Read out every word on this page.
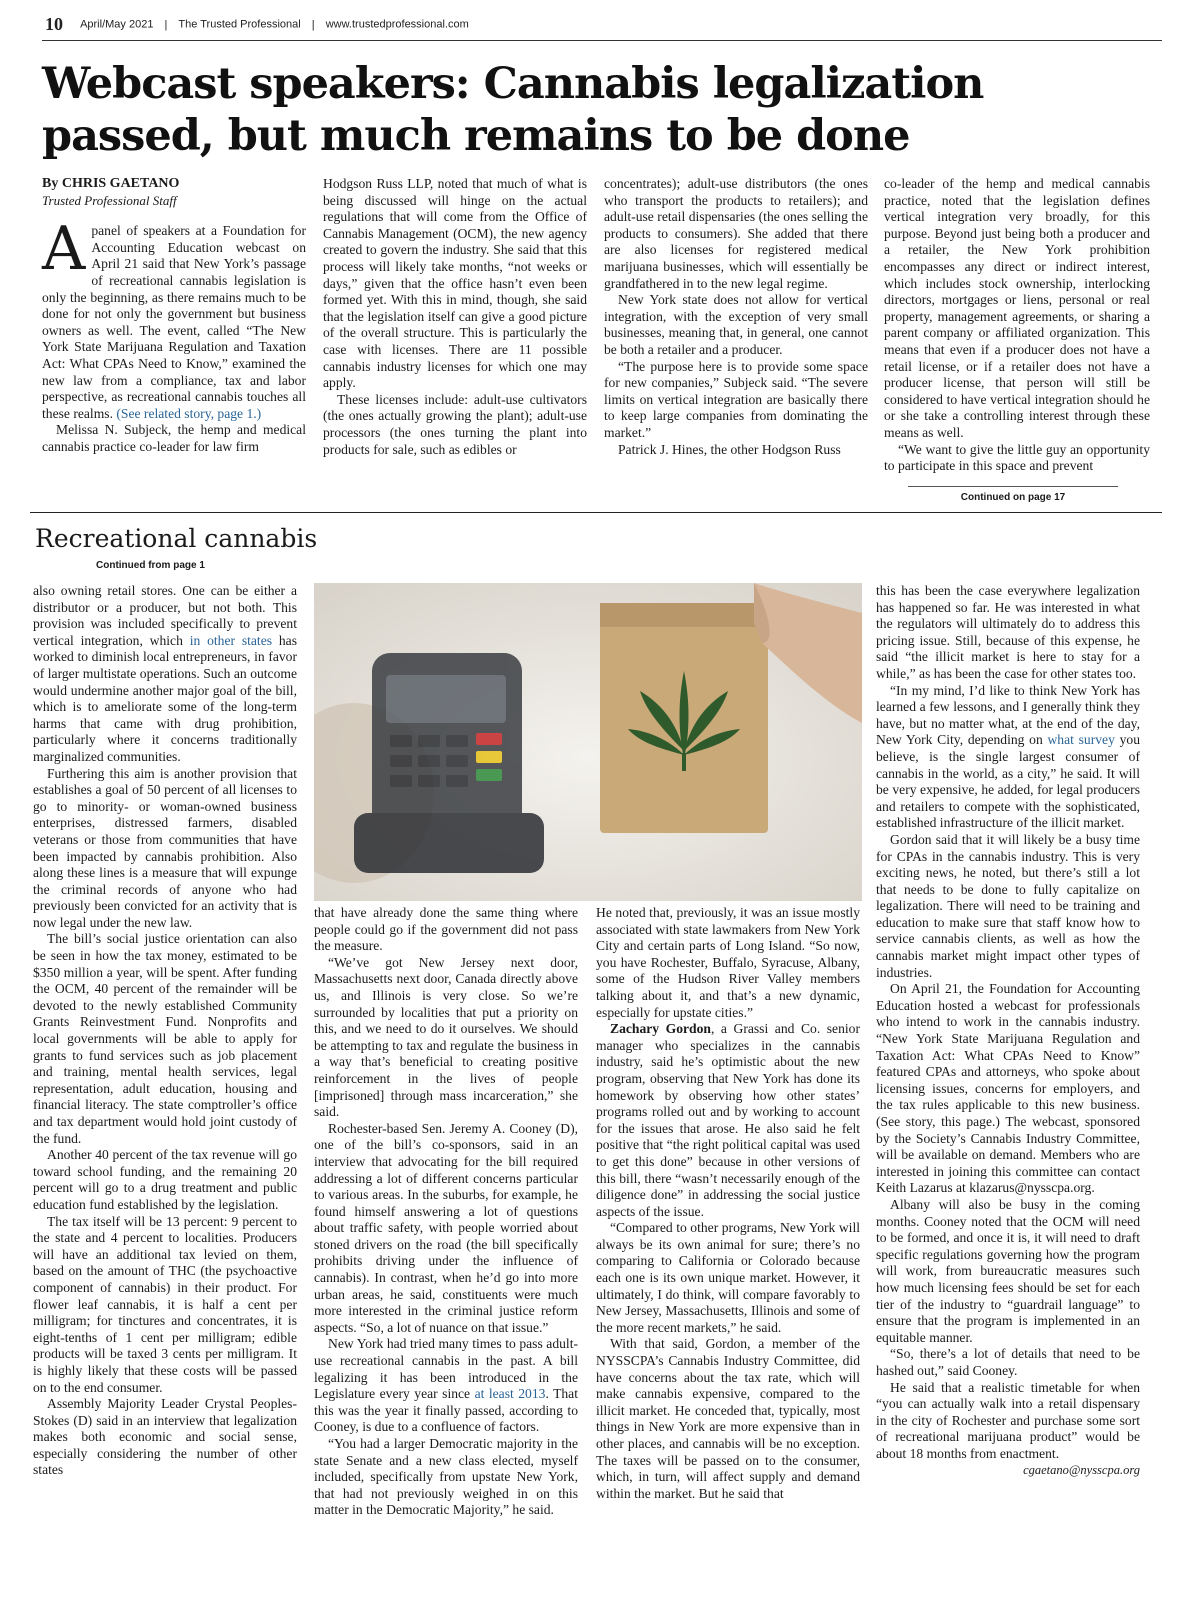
10 April/May 2021 | The Trusted Professional | www.trustedprofessional.com
Webcast speakers: Cannabis legalization passed, but much remains to be done
By CHRIS GAETANO
Trusted Professional Staff

Apanel of speakers at a Foundation for Accounting Education webcast on April 21 said that New York’s passage of recreational cannabis legislation is only the beginning, as there remains much to be done for not only the government but business owners as well. The event, called “The New York State Marijuana Regulation and Taxation Act: What CPAs Need to Know,” examined the new law from a compliance, tax and labor perspective, as recreational cannabis touches all these realms. (See related story, page 1.)

Melissa N. Subjeck, the hemp and medical cannabis practice co-leader for law firm

Hodgson Russ LLP, noted that much of what is being discussed will hinge on the actual regulations that will come from the Office of Cannabis Management (OCM), the new agency created to govern the industry. She said that this process will likely take months, “not weeks or days,” given that the office hasn’t even been formed yet. With this in mind, though, she said that the legislation itself can give a good picture of the overall structure. This is particularly the case with licenses. There are 11 possible cannabis industry licenses for which one may apply.

These licenses include: adult-use cultivators (the ones actually growing the plant); adult-use processors (the ones turning the plant into products for sale, such as edibles or

concentrates); adult-use distributors (the ones who transport the products to retailers); and adult-use retail dispensaries (the ones selling the products to consumers). She added that there are also licenses for registered medical marijuana businesses, which will essentially be grandfathered in to the new legal regime.

New York state does not allow for vertical integration, with the exception of very small businesses, meaning that, in general, one cannot be both a retailer and a producer.

“The purpose here is to provide some space for new companies,” Subjeck said. “The severe limits on vertical integration are basically there to keep large companies from dominating the market.”

Patrick J. Hines, the other Hodgson Russ

co-leader of the hemp and medical cannabis practice, noted that the legislation defines vertical integration very broadly, for this purpose. Beyond just being both a producer and a retailer, the New York prohibition encompasses any direct or indirect interest, which includes stock ownership, interlocking directors, mortgages or liens, personal or real property, management agreements, or sharing a parent company or affiliated organization. This means that even if a producer does not have a retail license, or if a retailer does not have a producer license, that person will still be considered to have vertical integration should he or she take a controlling interest through these means as well.

“We want to give the little guy an opportunity to participate in this space and prevent

Continued on page 17
Recreational cannabis
Continued from page 1

also owning retail stores. One can be either a distributor or a producer, but not both. This provision was included specifically to prevent vertical integration, which in other states has worked to diminish local entrepreneurs, in favor of larger multistate operations. Such an outcome would undermine another major goal of the bill, which is to ameliorate some of the long-term harms that came with drug prohibition, particularly where it concerns traditionally marginalized communities.

Furthering this aim is another provision that establishes a goal of 50 percent of all licenses to go to minority- or woman-owned business enterprises, distressed farmers, disabled veterans or those from communities that have been impacted by cannabis prohibition. Also along these lines is a measure that will expunge the criminal records of anyone who had previously been convicted for an activity that is now legal under the new law.

The bill’s social justice orientation can also be seen in how the tax money, estimated to be $350 million a year, will be spent. After funding the OCM, 40 percent of the remainder will be devoted to the newly established Community Grants Reinvestment Fund. Nonprofits and local governments will be able to apply for grants to fund services such as job placement and training, mental health services, legal representation, adult education, housing and financial literacy. The state comptroller’s office and tax department would hold joint custody of the fund.

Another 40 percent of the tax revenue will go toward school funding, and the remaining 20 percent will go to a drug treatment and public education fund established by the legislation.

The tax itself will be 13 percent: 9 percent to the state and 4 percent to localities. Producers will have an additional tax levied on them, based on the amount of THC (the psychoactive component of cannabis) in their product. For flower leaf cannabis, it is half a cent per milligram; for tinctures and concentrates, it is eight-tenths of 1 cent per milligram; edible products will be taxed 3 cents per milligram. It is highly likely that these costs will be passed on to the end consumer.

Assembly Majority Leader Crystal Peoples-Stokes (D) said in an interview that legalization makes both economic and social sense, especially considering the number of other states

that have already done the same thing where people could go if the government did not pass the measure.

“We’ve got New Jersey next door, Massachusetts next door, Canada directly above us, and Illinois is very close. So we’re surrounded by localities that put a priority on this, and we need to do it ourselves. We should be attempting to tax and regulate the business in a way that’s beneficial to creating positive reinforcement in the lives of people [imprisoned] through mass incarceration,” she said.

Rochester-based Sen. Jeremy A. Cooney (D), one of the bill’s co-sponsors, said in an interview that advocating for the bill required addressing a lot of different concerns particular to various areas. In the suburbs, for example, he found himself answering a lot of questions about traffic safety, with people worried about stoned drivers on the road (the bill specifically prohibits driving under the influence of cannabis). In contrast, when he’d go into more urban areas, he said, constituents were much more interested in the criminal justice reform aspects. “So, a lot of nuance on that issue.”

New York had tried many times to pass adult-use recreational cannabis in the past. A bill legalizing it has been introduced in the Legislature every year since at least 2013. That this was the year it finally passed, according to Cooney, is due to a confluence of factors.

“You had a larger Democratic majority in the state Senate and a new class elected, myself included, specifically from upstate New York, that had not previously weighed in on this matter in the Democratic Majority,” he said.

He noted that, previously, it was an issue mostly associated with state lawmakers from New York City and certain parts of Long Island. “So now, you have Rochester, Buffalo, Syracuse, Albany, some of the Hudson River Valley members talking about it, and that’s a new dynamic, especially for upstate cities.”

Zachary Gordon, a Grassi and Co. senior manager who specializes in the cannabis industry, said he’s optimistic about the new program, observing that New York has done its homework by observing how other states’ programs rolled out and by working to account for the issues that arose. He also said he felt positive that “the right political capital was used to get this done” because in other versions of this bill, there “wasn’t necessarily enough of the diligence done” in addressing the social justice aspects of the issue.

“Compared to other programs, New York will always be its own animal for sure; there’s no comparing to California or Colorado because each one is its own unique market. However, it ultimately, I do think, will compare favorably to New Jersey, Massachusetts, Illinois and some of the more recent markets,” he said.

With that said, Gordon, a member of the NYSSCPA’s Cannabis Industry Committee, did have concerns about the tax rate, which will make cannabis expensive, compared to the illicit market. He conceded that, typically, most things in New York are more expensive than in other places, and cannabis will be no exception. The taxes will be passed on to the consumer, which, in turn, will affect supply and demand within the market. But he said that

this has been the case everywhere legalization has happened so far. He was interested in what the regulators will ultimately do to address this pricing issue. Still, because of this expense, he said “the illicit market is here to stay for a while,” as has been the case for other states too.

“In my mind, I’d like to think New York has learned a few lessons, and I generally think they have, but no matter what, at the end of the day, New York City, depending on what survey you believe, is the single largest consumer of cannabis in the world, as a city,” he said. It will be very expensive, he added, for legal producers and retailers to compete with the sophisticated, established infrastructure of the illicit market.

Gordon said that it will likely be a busy time for CPAs in the cannabis industry. This is very exciting news, he noted, but there’s still a lot that needs to be done to fully capitalize on legalization. There will need to be training and education to make sure that staff know how to service cannabis clients, as well as how the cannabis market might impact other types of industries.

On April 21, the Foundation for Accounting Education hosted a webcast for professionals who intend to work in the cannabis industry. “New York State Marijuana Regulation and Taxation Act: What CPAs Need to Know” featured CPAs and attorneys, who spoke about licensing issues, concerns for employers, and the tax rules applicable to this new business. (See story, this page.) The webcast, sponsored by the Society’s Cannabis Industry Committee, will be available on demand. Members who are interested in joining this committee can contact Keith Lazarus at klazarus@nysscpa.org.

Albany will also be busy in the coming months. Cooney noted that the OCM will need to be formed, and once it is, it will need to draft specific regulations governing how the program will work, from bureaucratic measures such how much licensing fees should be set for each tier of the industry to “guardrail language” to ensure that the program is implemented in an equitable manner.

“So, there’s a lot of details that need to be hashed out,” said Cooney.

He said that a realistic timetable for when “you can actually walk into a retail dispensary in the city of Rochester and purchase some sort of recreational marijuana product” would be about 18 months from enactment.

cgaetano@nysscpa.org
